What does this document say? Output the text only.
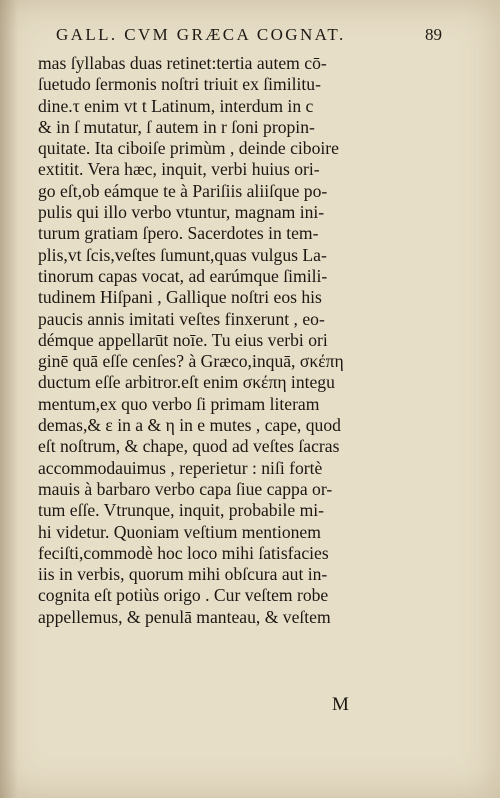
GALL. CVM GRÆCA COGNAT.	89
mas ſyllabas duas retinet:tertia autem cō-
ſuetudo ſermonis noſtri triuit ex ſimilitu-
dine.τ enim vt t Latinum, interdum in c
& in ſ mutatur, ſ autem in r ſoni propin-
quitate. Ita ciboiſe primùm , deinde ciboire
extitit. Vera hæc, inquit, verbi huius ori-
go eſt,ob eámque te à Pariſiis aliiſque po-
pulis qui illo verbo vtuntur, magnam ini-
turum gratiam ſpero. Sacerdotes in tem-
plis,vt ſcis,veſtes ſumunt,quas vulgus La-
tinorum capas vocat, ad earúmque ſimili-
tudinem Hiſpani , Gallique noſtri eos his
paucis annis imitati veſtes finxerunt , eo-
démque appellarūt noīe. Tu eius verbi ori
ginē quā eſſe cenſes? à Græco,inquā, σκέπη
ductum eſſe arbitror.eſt enim σκέπη integu
mentum,ex quo verbo ſi primam literam
demas,& ε in a & η in e mutes , cape, quod
eſt noſtrum, & chape, quod ad veſtes ſacras
accommodauimus , reperietur : niſi fortè
mauis à barbaro verbo capa ſiue cappa or-
tum eſſe. Vtrunque, inquit, probabile mi-
hi videtur. Quoniam veſtium mentionem
feciſti,commodè hoc loco mihi ſatisfacies
iis in verbis, quorum mihi obſcura aut in-
cognita eſt potiùs origo . Cur veſtem robe
appellemus, & penulā manteau, & veſtem
M
